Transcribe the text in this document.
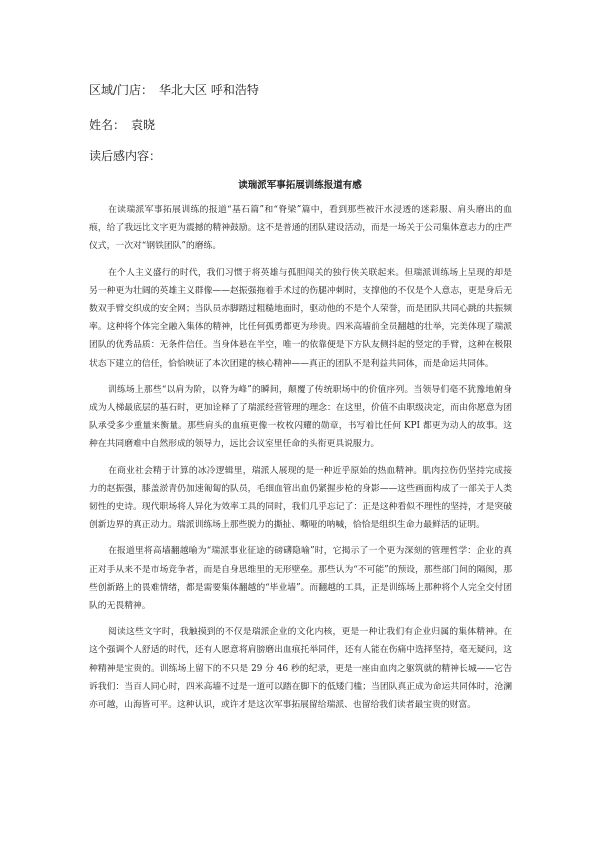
区域/门店： 华北大区 呼和浩特
姓名： 袁晓
读后感内容：
读瑞派军事拓展训练报道有感

在读瑞派军事拓展训练的报道“基石篇”和“脊梁”篇中，看到那些被汗水浸透的迷彩服、肩头磨出的血痕，给了我远比文字更为震撼的精神鼓励。这不是普通的团队建设活动，而是一场关于公司集体意志力的庄严仪式，一次对“钢铁团队”的磨练。

在个人主义盛行的时代，我们习惯于将英雄与孤胆闯关的独行侠关联起来。但瑞派训练场上呈现的却是另一种更为壮阔的英雄主义群像——赵振强拖着手术过的伤腿冲刺时，支撑他的不仅是个人意志，更是身后无数双手臂交织成的安全网；当队员赤脚踏过粗糙地面时，驱动他的不是个人荣誉，而是团队共同心跳的共振频率。这种将个体完全融入集体的精神，比任何孤勇都更为珍贵。四米高墙前全员翻越的壮举，完美体现了瑞派团队的优秀品质：无条件信任。当身体悬在半空，唯一的依靠便是下方队友侧抖起的竖定的手臂，这种在极限状态下建立的信任，恰恰映证了本次团建的核心精神——真正的团队不是利益共同体，而是命运共同体。

训练场上那些“以肩为阶，以脊为峰”的瞬间，颠覆了传统职场中的价值序列。当领导们毫不犹豫地俯身成为人梯最底层的基石时，更加诠释了了瑞派经营管理的理念：在这里，价值不由职级决定，而由你愿意为团队承受多少重量来衡量。那些肩头的血痕更像一枚枚闪耀的勋章，书写着比任何 KPI 都更为动人的故事。这种在共同磨难中自然形成的领导力，远比会议室里任命的头衔更具说服力。

在商业社会精于计算的冰冷逻辑里，瑞派人展现的是一种近乎原始的热血精神。肌肉拉伤仍坚持完成接力的赵振强，膝盖淤青仍加速匍匐的队员，毛细血管出血仍紧握步枪的身影——这些画面构成了一部关于人类韧性的史诗。现代职场将人异化为效率工具的同时，我们几乎忘记了：正是这种看似不理性的坚持，才是突破创新边界的真正动力。瑞派训练场上那些脱力的撕扯、嘶哑的呐喊，恰恰是组织生命力最鲜活的证明。

在报道里将高墙翻越喻为“瑞派事业征途的磅礴隐喻”时，它揭示了一个更为深刻的管理哲学：企业的真正对手从来不是市场竞争者，而是自身思维里的无形壁垒。那些认为“不可能”的预设，那些部门间的隔阂，那些创新路上的畏难情绪，都是需要集体翻越的“毕业墙”。而翻越的工具，正是训练场上那种将个人完全交付团队的无畏精神。

阅读这些文字时，我触摸到的不仅是瑞派企业的文化内核，更是一种让我们有企业归属的集体精神。在这个强调个人舒适的时代，还有人愿意将肩膀磨出血痕托举同伴，还有人能在伤痛中选择坚持，毫无疑问，这种精神是宝贵的。训练场上留下的不只是 29 分 46 秒的纪录，更是一座由血肉之躯筑就的精神长城——它告诉我们：当百人同心时，四米高墙不过是一道可以踏在脚下的低矮门槛；当团队真正成为命运共同体时，沧澜亦可越，山海皆可平。这种认识，或许才是这次军事拓展留给瑞派、也留给我们读者最宝贵的财富。
